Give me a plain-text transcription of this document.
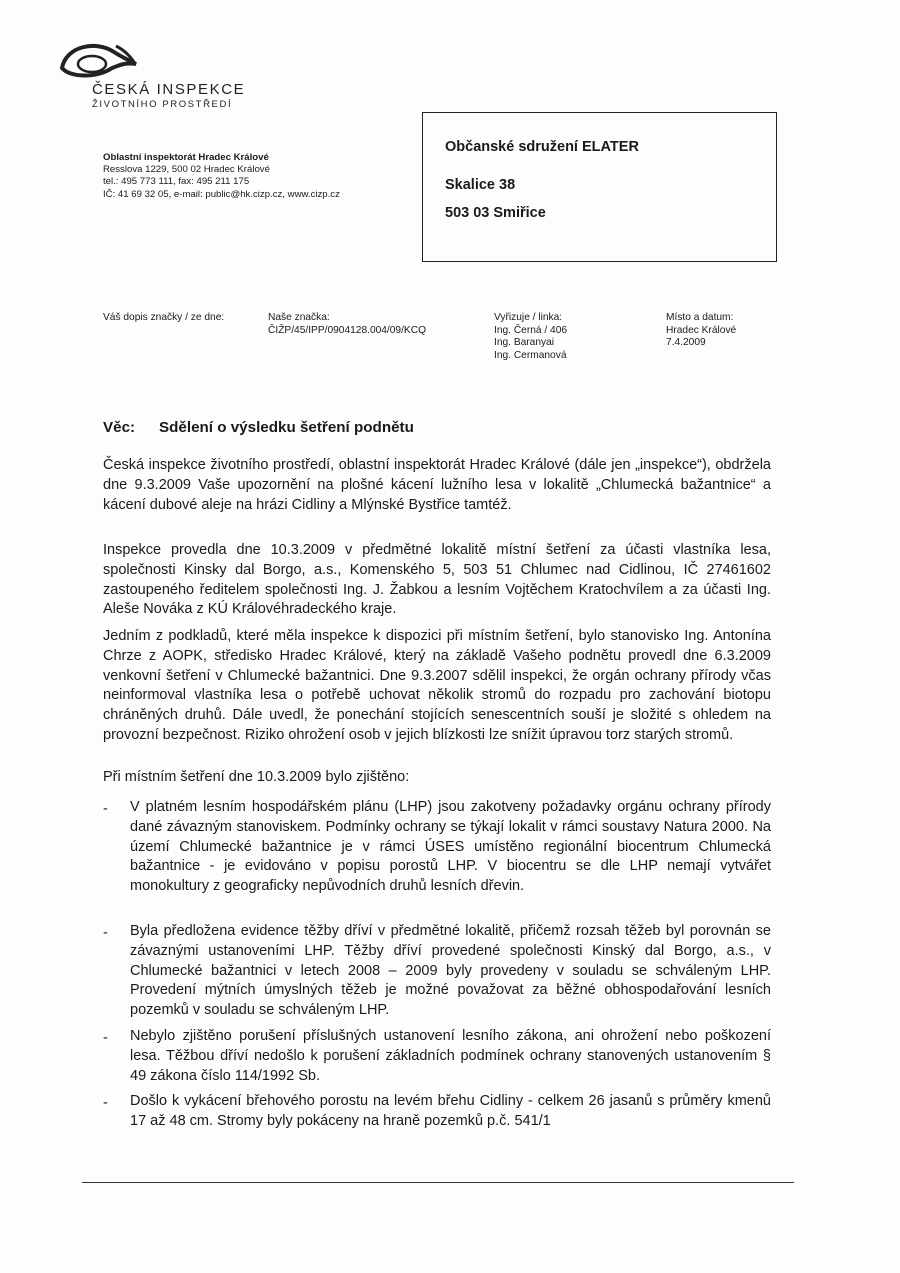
ČESKÁ INSPEKCE
ŽIVOTNÍHO PROSTŘEDÍ
Oblastní inspektorát Hradec Králové
Resslova 1229, 500 02 Hradec Králové
tel.: 495 773 111, fax: 495 211 175
IČ: 41 69 32 05, e-mail: public@hk.cizp.cz, www.cizp.cz
Občanské sdružení ELATER
Skalice 38
503 03 Smiřice
Váš dopis značky / ze dne:	Naše značka:
ČIŽP/45/IPP/0904128.004/09/KCQ
Vyřizuje / linka:
Ing. Černá / 406
Ing. Baranyai
Ing. Cermanová
Místo a datum:
Hradec Králové
7.4.2009
Věc: Sdělení o výsledku šetření podnětu
Česká inspekce životního prostředí, oblastní inspektorát Hradec Králové (dále jen „inspekce“), obdržela dne 9.3.2009 Vaše upozornění na plošné kácení lužního lesa v lokalitě „Chlumecká bažantnice“ a kácení dubové aleje na hrázi Cidliny a Mlýnské Bystřice tamtéž.
Inspekce provedla dne 10.3.2009 v předmětné lokalitě místní šetření za účasti vlastníka lesa, společnosti Kinsky dal Borgo, a.s., Komenského 5, 503 51 Chlumec nad Cidlinou, IČ 27461602 zastoupeného ředitelem společnosti Ing. J. Žabkou a lesním Vojtěchem Kratochvílem a za účasti Ing. Aleše Nováka z KÚ Královéhradeckého kraje.
Jedním z podkladů, které měla inspekce k dispozici při místním šetření, bylo stanovisko Ing. Antonína Chrze z AOPK, středisko Hradec Králové, který na základě Vašeho podnětu provedl dne 6.3.2009 venkovní šetření v Chlumecké bažantnici. Dne 9.3.2007 sdělil inspekci, že orgán ochrany přírody včas neinformoval vlastníka lesa o potřebě uchovat několik stromů do rozpadu pro zachování biotopu chráněných druhů. Dále uvedl, že ponechání stojících senescentních souší je složité s ohledem na provozní bezpečnost. Riziko ohrožení osob v jejich blízkosti lze snížit úpravou torz starých stromů.
Při místním šetření dne 10.3.2009 bylo zjištěno:
- V platném lesním hospodářském plánu (LHP) jsou zakotveny požadavky orgánu ochrany přírody dané závazným stanoviskem. Podmínky ochrany se týkají lokalit v rámci soustavy Natura 2000. Na území Chlumecké bažantnice je v rámci ÚSES umístěno regionální biocentrum Chlumecká bažantnice - je evidováno v popisu porostů LHP. V biocentru se dle LHP nemají vytvářet monokultury z geograficky nepůvodních druhů lesních dřevin.
- Byla předložena evidence těžby dříví v předmětné lokalitě, přičemž rozsah těžeb byl porovnán se závaznými ustanoveními LHP. Těžby dříví provedené společnosti Kinský dal Borgo, a.s., v Chlumecké bažantnici v letech 2008 – 2009 byly provedeny v souladu se schváleným LHP. Provedení mýtních úmyslných těžeb je možné považovat za běžné obhospodařování lesních pozemků v souladu se schváleným LHP.
- Nebylo zjištěno porušení příslušných ustanovení lesního zákona, ani ohrožení nebo poškození lesa. Těžbou dříví nedošlo k porušení základních podmínek ochrany stanovených ustanovením § 49 zákona číslo 114/1992 Sb.
- Došlo k vykácení břehového porostu na levém břehu Cidliny - celkem 26 jasanů s průměry kmenů 17 až 48 cm. Stromy byly pokáceny na hraně pozemků p.č. 541/1
